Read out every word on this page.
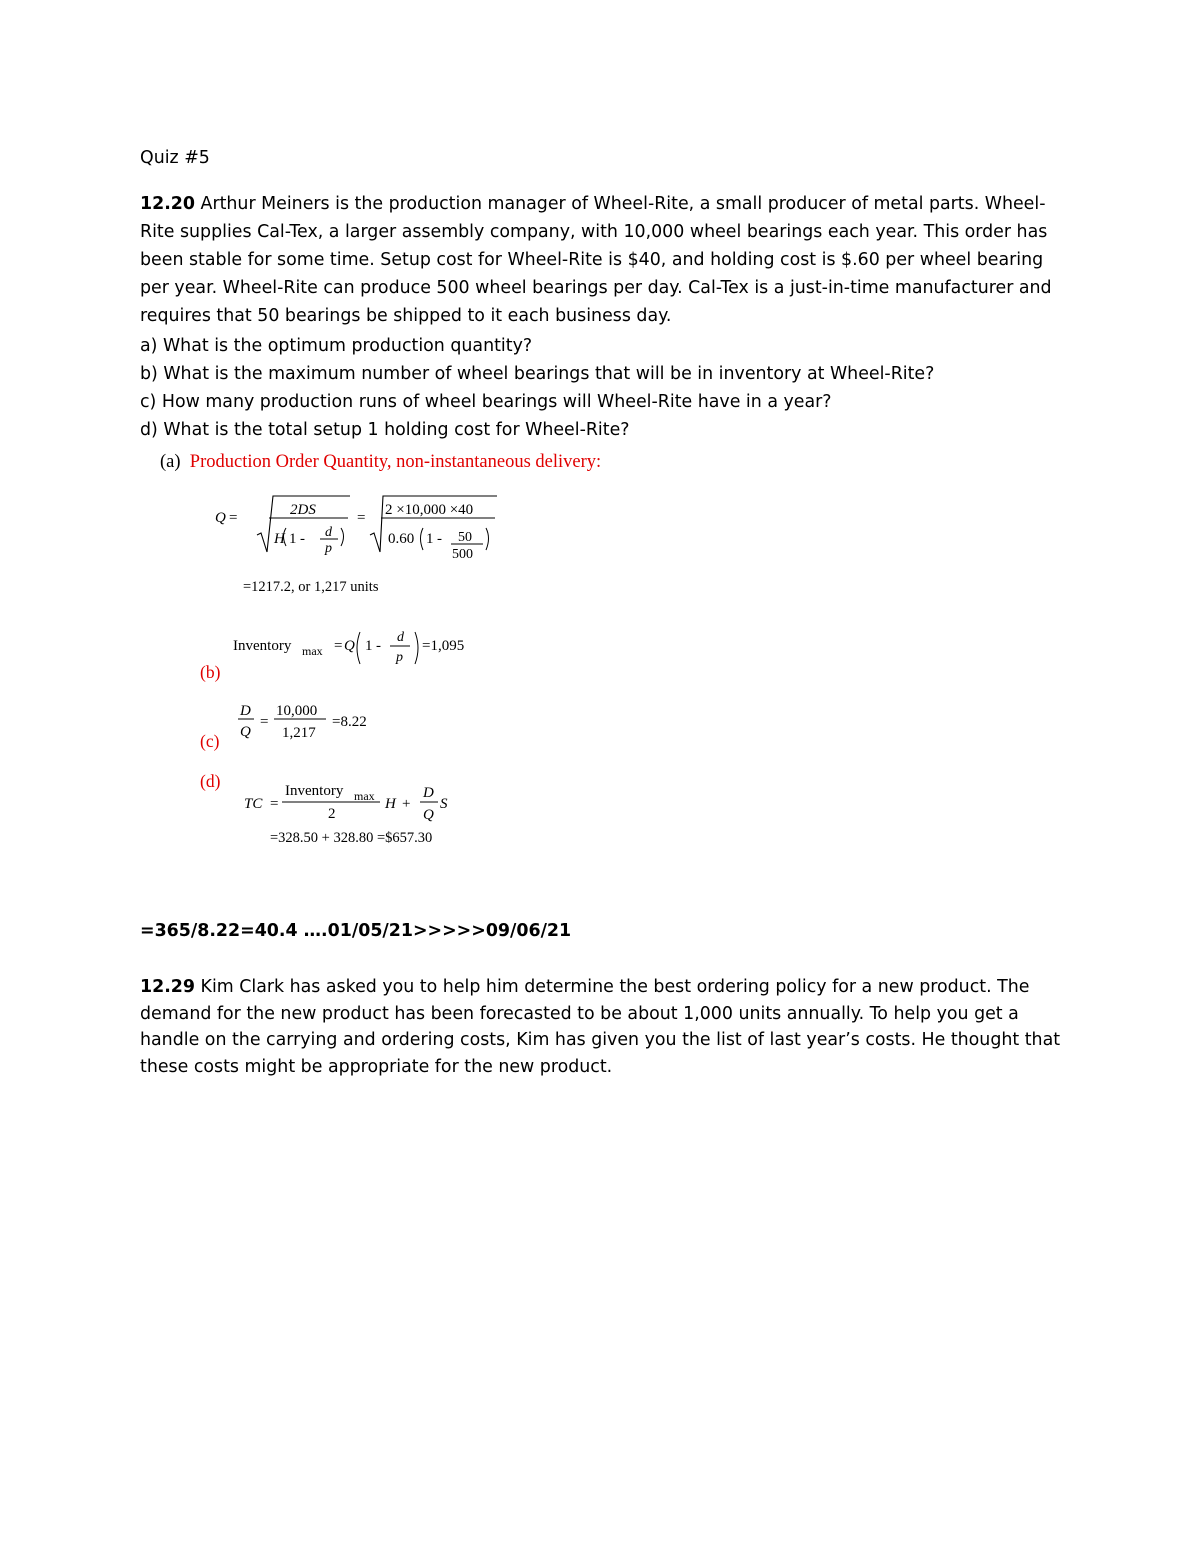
Quiz #5
12.20 Arthur Meiners is the production manager of Wheel-Rite, a small producer of metal parts. Wheel-
Rite supplies Cal-Tex, a larger assembly company, with 10,000 wheel bearings each year. This order has
been stable for some time. Setup cost for Wheel-Rite is $40, and holding cost is $.60 per wheel bearing
per year. Wheel-Rite can produce 500 wheel bearings per day. Cal-Tex is a just-in-time manufacturer and
requires that 50 bearings be shipped to it each business day.
a) What is the optimum production quantity?
b) What is the maximum number of wheel bearings that will be in inventory at Wheel-Rite?
c) How many production runs of wheel bearings will Wheel-Rite have in a year?
d) What is the total setup 1 holding cost for Wheel-Rite?
(a) Production Order Quantity, non-instantaneous delivery:
Q =	2DS
H 1 - d
p
= 2 ×10,000 ×40
0.60 1 - 50
500
=1217.2, or 1,217 units
Inventory max = Q 1 -
d
p
=1,095
(b)
D
Q
=
10,000
1,217
=8.22
(c)
(d)
TC =
Inventory max
2
H +
D
Q
S
=328.50 + 328.80 =$657.30
=365/8.22=40.4 ….01/05/21>>>>>09/06/21
12.29 Kim Clark has asked you to help him determine the best ordering policy for a new product. The
demand for the new product has been forecasted to be about 1,000 units annually. To help you get a
handle on the carrying and ordering costs, Kim has given you the list of last year’s costs. He thought that
these costs might be appropriate for the new product.
